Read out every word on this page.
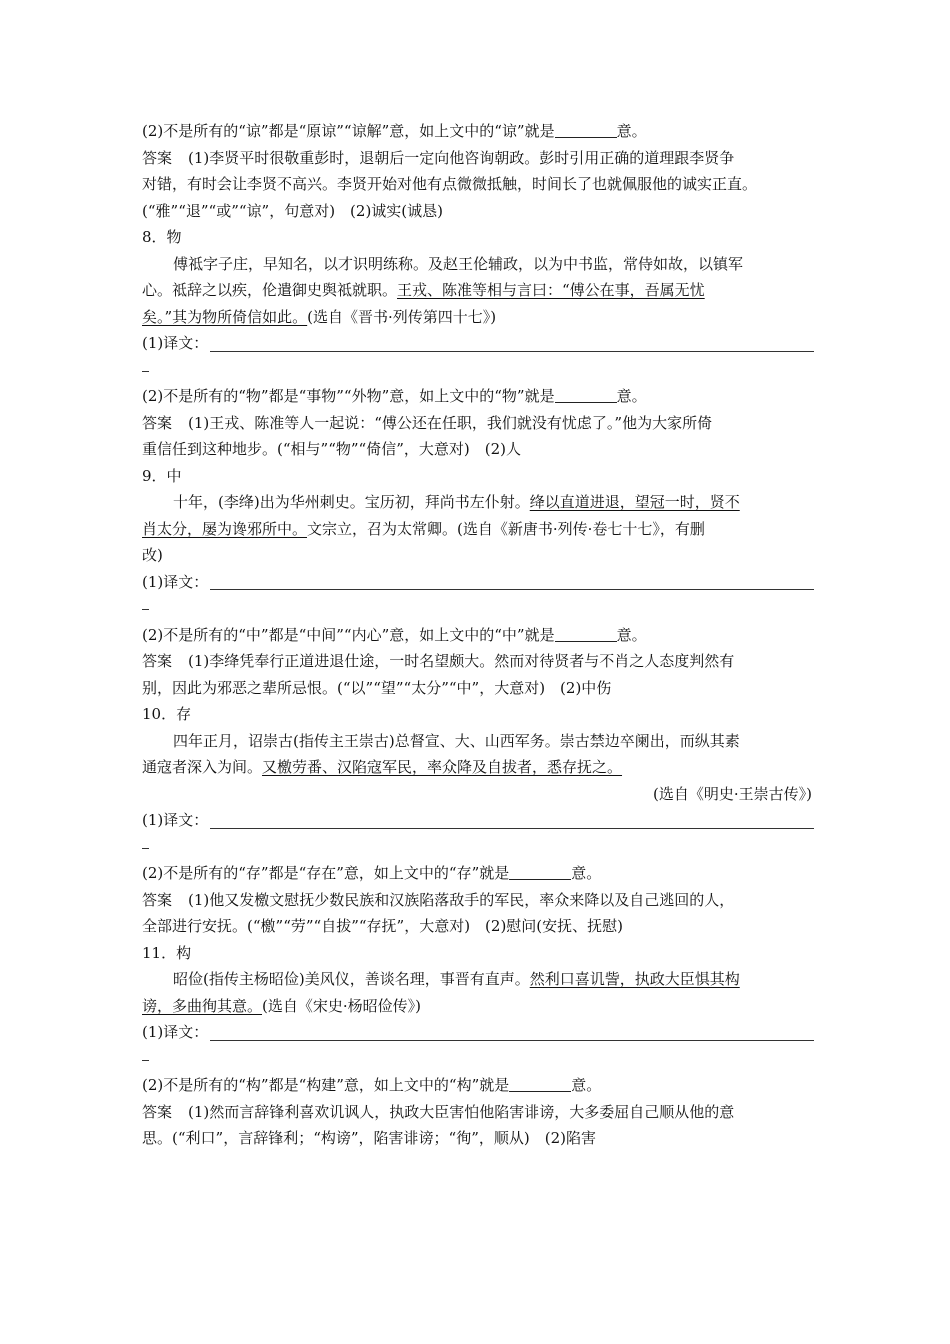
(2)不是所有的“谅”都是“原谅”“谅解”意，如上文中的“谅”就是	意。
答案 (1)李贤平时很敬重彭时，退朝后一定向他咨询朝政。彭时引用正确的道理跟李贤争
对错，有时会让李贤不高兴。李贤开始对他有点微微抵触，时间长了也就佩服他的诚实正直。
(“雅”“退”“或”“谅”，句意对)　(2)诚实(诚恳)
8．物
傅祗字子庄，早知名，以才识明练称。及赵王伦辅政，以为中书监，常侍如故，以镇军
心。祗辞之以疾，伦遣御史舆祗就职。王戎、陈准等相与言曰：“傅公在事，吾属无忧
矣。”其为物所倚信如此。(选自《晋书·列传第四十七》)
(1)译文：
(2)不是所有的“物”都是“事物”“外物”意，如上文中的“物”就是	意。
答案 (1)王戎、陈准等人一起说：“傅公还在任职，我们就没有忧虑了。”他为大家所倚
重信任到这种地步。(“相与”“物”“倚信”，大意对)　(2)人
9．中
十年，(李绛)出为华州刺史。宝历初，拜尚书左仆射。绛以直道进退，望冠一时，贤不
肖太分，屡为谗邪所中。文宗立，召为太常卿。(选自《新唐书·列传·卷七十七》，有删
改)
(1)译文：
(2)不是所有的“中”都是“中间”“内心”意，如上文中的“中”就是	意。
答案 (1)李绛凭奉行正道进退仕途，一时名望颇大。然而对待贤者与不肖之人态度判然有
别，因此为邪恶之辈所忌恨。(“以”“望”“太分”“中”，大意对)　(2)中伤
10．存
四年正月，诏崇古(指传主王崇古)总督宣、大、山西军务。崇古禁边卒阑出，而纵其素
通寇者深入为间。又檄劳番、汉陷寇军民，率众降及自拔者，悉存抚之。
(选自《明史·王崇古传》)
(1)译文：
(2)不是所有的“存”都是“存在”意，如上文中的“存”就是	意。
答案 (1)他又发檄文慰抚少数民族和汉族陷落敌手的军民，率众来降以及自己逃回的人，
全部进行安抚。(“檄”“劳”“自拔”“存抚”，大意对)　(2)慰问(安抚、抚慰)
11．构
昭俭(指传主杨昭俭)美风仪，善谈名理，事晋有直声。然利口喜讥訾，执政大臣惧其构
谤，多曲徇其意。(选自《宋史·杨昭俭传》)
(1)译文：
(2)不是所有的“构”都是“构建”意，如上文中的“构”就是	意。
答案 (1)然而言辞锋利喜欢讥讽人，执政大臣害怕他陷害诽谤，大多委屈自己顺从他的意
思。(“利口”，言辞锋利；“构谤”，陷害诽谤；“徇”，顺从)　(2)陷害
